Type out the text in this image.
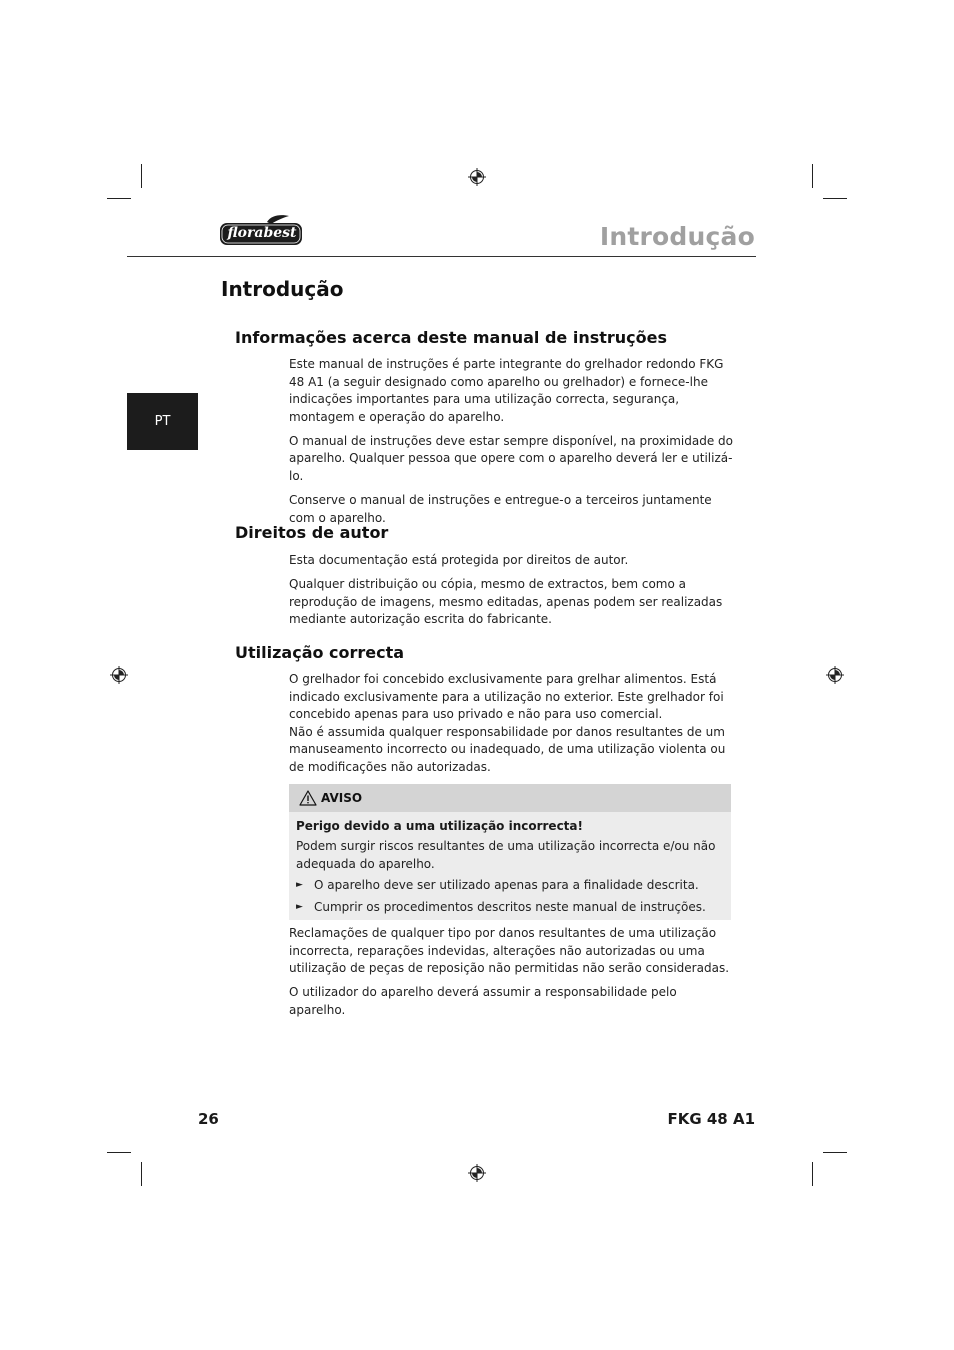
florabest	Introdução
Introdução
PT
Informações acerca deste manual de instruções

Este manual de instruções é parte integrante do grelhador redondo FKG 48 A1 (a seguir designado como aparelho ou grelhador) e fornece-lhe indicações importantes para uma utilização correcta, segurança, montagem e operação do aparelho.

O manual de instruções deve estar sempre disponível, na proximidade do aparelho. Qualquer pessoa que opere com o aparelho deverá ler e utilizá-lo.

Conserve o manual de instruções e entregue-o a terceiros juntamente com o aparelho.

Direitos de autor

Esta documentação está protegida por direitos de autor.

Qualquer distribuição ou cópia, mesmo de extractos, bem como a reprodução de imagens, mesmo editadas, apenas podem ser realizadas mediante autorização escrita do fabricante.

Utilização correcta

O grelhador foi concebido exclusivamente para grelhar alimentos. Está indicado exclusivamente para a utilização no exterior. Este grelhador foi concebido apenas para uso privado e não para uso comercial.

Não é assumida qualquer responsabilidade por danos resultantes de um manuseamento incorrecto ou inadequado, de uma utilização violenta ou de modificações não autorizadas.

AVISO

Perigo devido a uma utilização incorrecta!

Podem surgir riscos resultantes de uma utilização incorrecta e/ou não adequada do aparelho.

► O aparelho deve ser utilizado apenas para a finalidade descrita.
► Cumprir os procedimentos descritos neste manual de instruções.

Reclamações de qualquer tipo por danos resultantes de uma utilização incorrecta, reparações indevidas, alterações não autorizadas ou uma utilização de peças de reposição não permitidas não serão consideradas.

O utilizador do aparelho deverá assumir a responsabilidade pelo aparelho.

26	FKG 48 A1
